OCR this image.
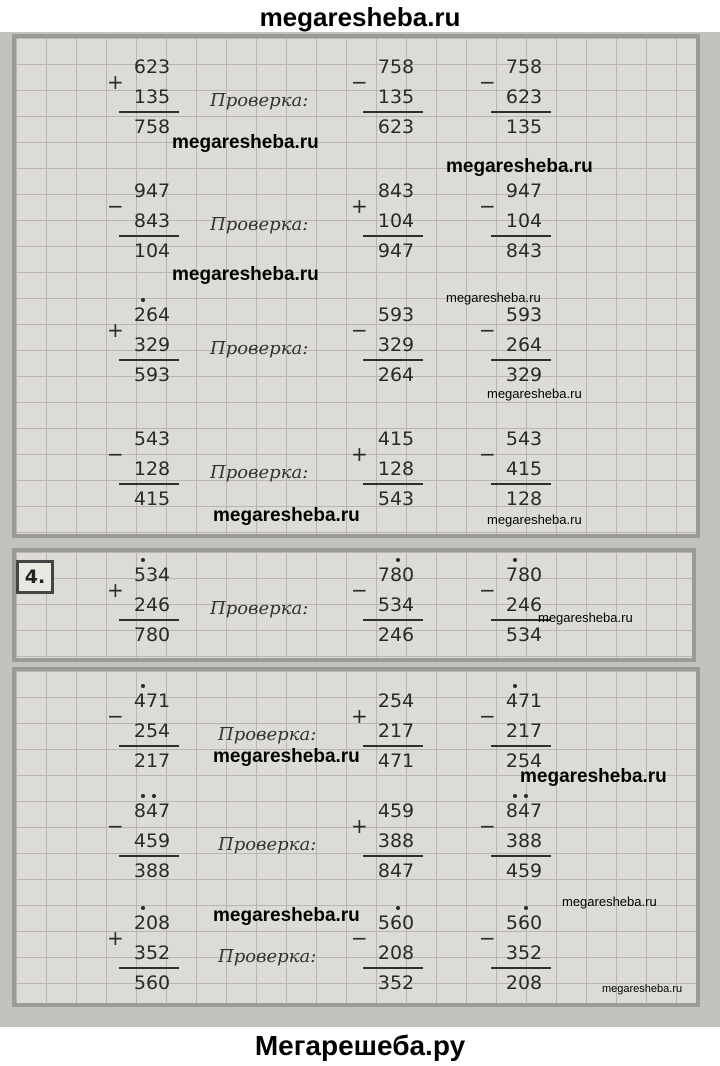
megaresheba.ru
4.
623
135
+
758
758
135
−
623
758
623
−
135
Проверка:
947
843
−
104
843
104
+
947
947
104
−
843
Проверка:
264
329
+
593
593
329
−
264
593
264
−
329
Проверка:
543
128
−
415
415
128
+
543
543
415
−
128
Проверка:
534
246
+
780
780
534
−
246
780
246
−
534
Проверка:
471
254
−
217
254
217
+
471
471
217
−
254
Проверка:
847
459
−
388
459
388
+
847
847
388
−
459
Проверка:
208
352
+
560
560
208
−
352
560
352
−
208
Проверка:
megaresheba.ru
megaresheba.ru
megaresheba.ru
megaresheba.ru
megaresheba.ru
megaresheba.ru	megaresheba.ru
megaresheba.ru
megaresheba.ru
megaresheba.ru
megaresheba.ru
megaresheba.ru
megaresheba.ru
Мегарешеба.ру
